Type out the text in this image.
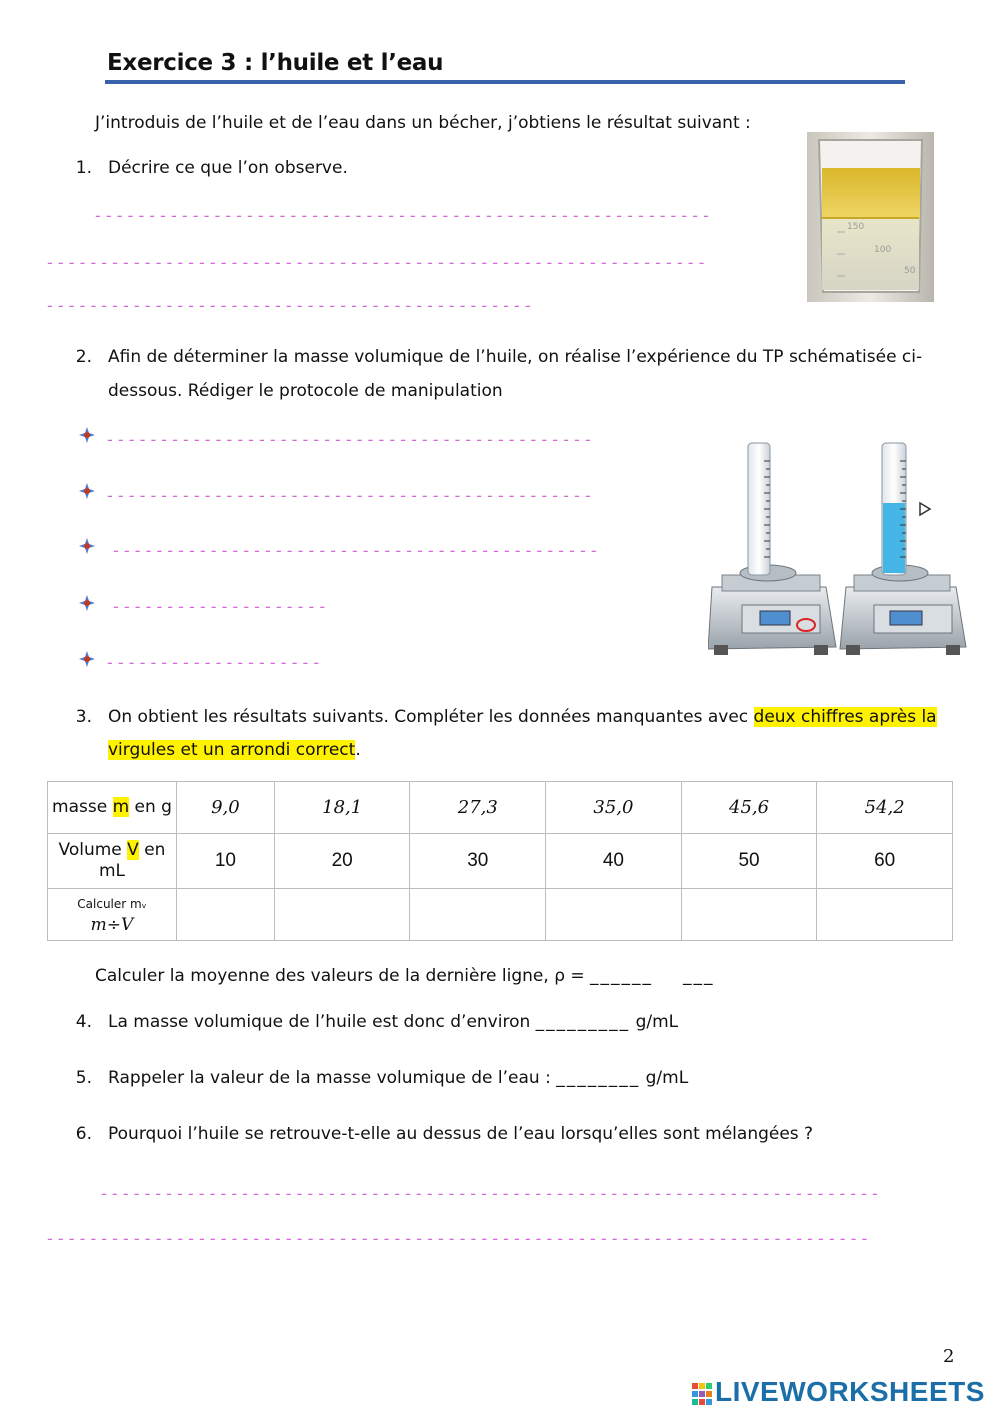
Exercice 3 : l’huile et l’eau
J’introduis de l’huile et de l’eau dans un bécher, j’obtiens le résultat suivant :
150
100
50
1. Décrire ce que l’on observe.
- - - - - - - - - - - - - - - - - - - - - - - - - - - - - - - - - - - - - - - - - - - - - - - - - - - - - - - - -
- - - - - - - - - - - - - - - - - - - - - - - - - - - - - - - - - - - - - - - - - - - - - - - - - - - - - - - - - - - - -
- - - - - - - - - - - - - - - - - - - - - - - - - - - - - - - - - - - - - - - - - - - - -
2. Afin de déterminer la masse volumique de l’huile, on réalise l’expérience du TP schématisée ci-
dessous. Rédiger le protocole de manipulation
- - - - - - - - - - - - - - - - - - - - - - - - - - - - - - - - - - - - - - - - - - - - -
- - - - - - - - - - - - - - - - - - - - - - - - - - - - - - - - - - - - - - - - - - - - -
- - - - - - - - - - - - - - - - - - - - - - - - - - - - - - - - - - - - - - - - - - - - -
- - - - - - - - - - - - - - - - - - - -
- - - - - - - - - - - - - - - - - - - -
3. On obtient les résultats suivants. Compléter les données manquantes avec deux chiffres après la
virgules et un arrondi correct.
masse m en g	9,0	18,1	27,3	35,0	45,6	54,2
Volume V en mL	10	20	30	40	50	60

Calculer mᵥ
m÷V						

Calculer la moyenne des valeurs de la dernière ligne, ρ = ______ ___
4. La masse volumique de l’huile est donc d’environ _________ g/mL
5. Rappeler la valeur de la masse volumique de l’eau : ________ g/mL
6. Pourquoi l’huile se retrouve-t-elle au dessus de l’eau lorsqu’elles sont mélangées ?
- - - - - - - - - - - - - - - - - - - - - - - - - - - - - - - - - - - - - - - - - - - - - - - - - - - - - - - - - - - - - - - - - - - - - - - -
- - - - - - - - - - - - - - - - - - - - - - - - - - - - - - - - - - - - - - - - - - - - - - - - - - - - - - - - - - - - - - - - - - - - - - - - - - - -
2
LIVEWORKSHEETS
